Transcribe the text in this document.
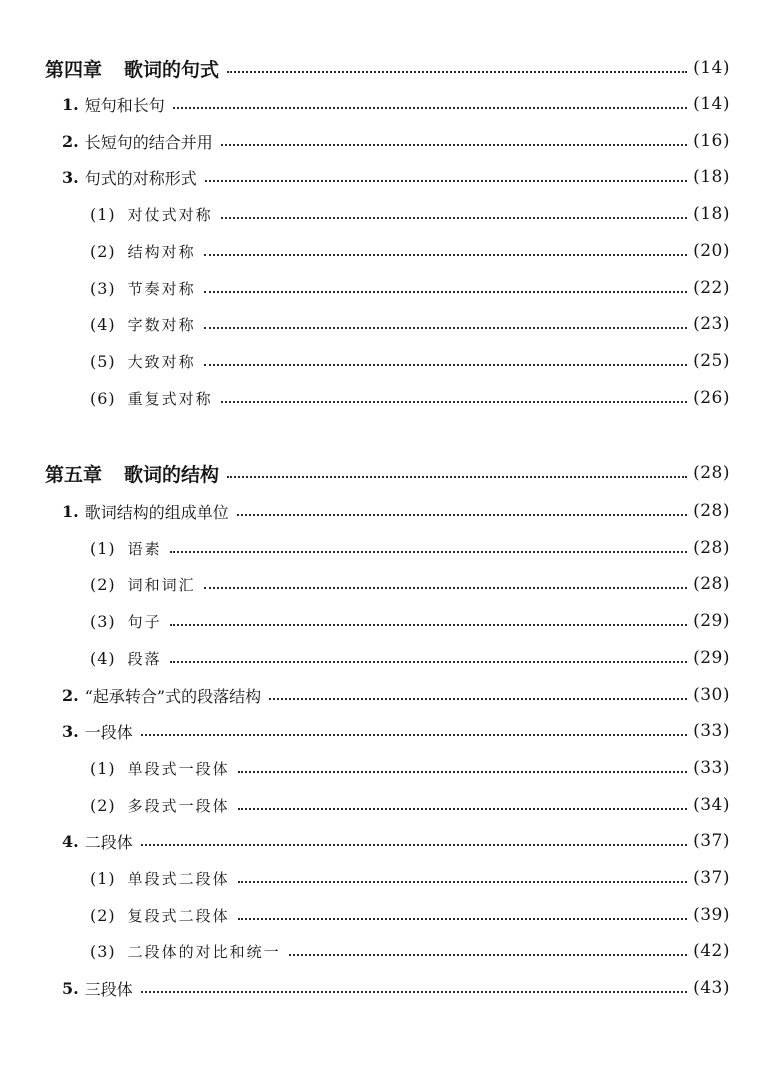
第四章 歌词的句式	(14)
1. 短句和长句	(14)
2. 长短句的结合并用	(16)
3. 句式的对称形式	(18)
(1) 对仗式对称	(18)
(2) 结构对称	(20)
(3) 节奏对称	(22)
(4) 字数对称	(23)
(5) 大致对称	(25)
(6) 重复式对称	(26)
第五章 歌词的结构	(28)
1. 歌词结构的组成单位	(28)
(1) 语素	(28)
(2) 词和词汇	(28)
(3) 句子	(29)
(4) 段落	(29)
2. “起承转合”式的段落结构	(30)
3. 一段体	(33)
(1) 单段式一段体	(33)
(2) 多段式一段体	(34)
4. 二段体	(37)
(1) 单段式二段体	(37)
(2) 复段式二段体	(39)
(3) 二段体的对比和统一	(42)
5. 三段体	(43)
